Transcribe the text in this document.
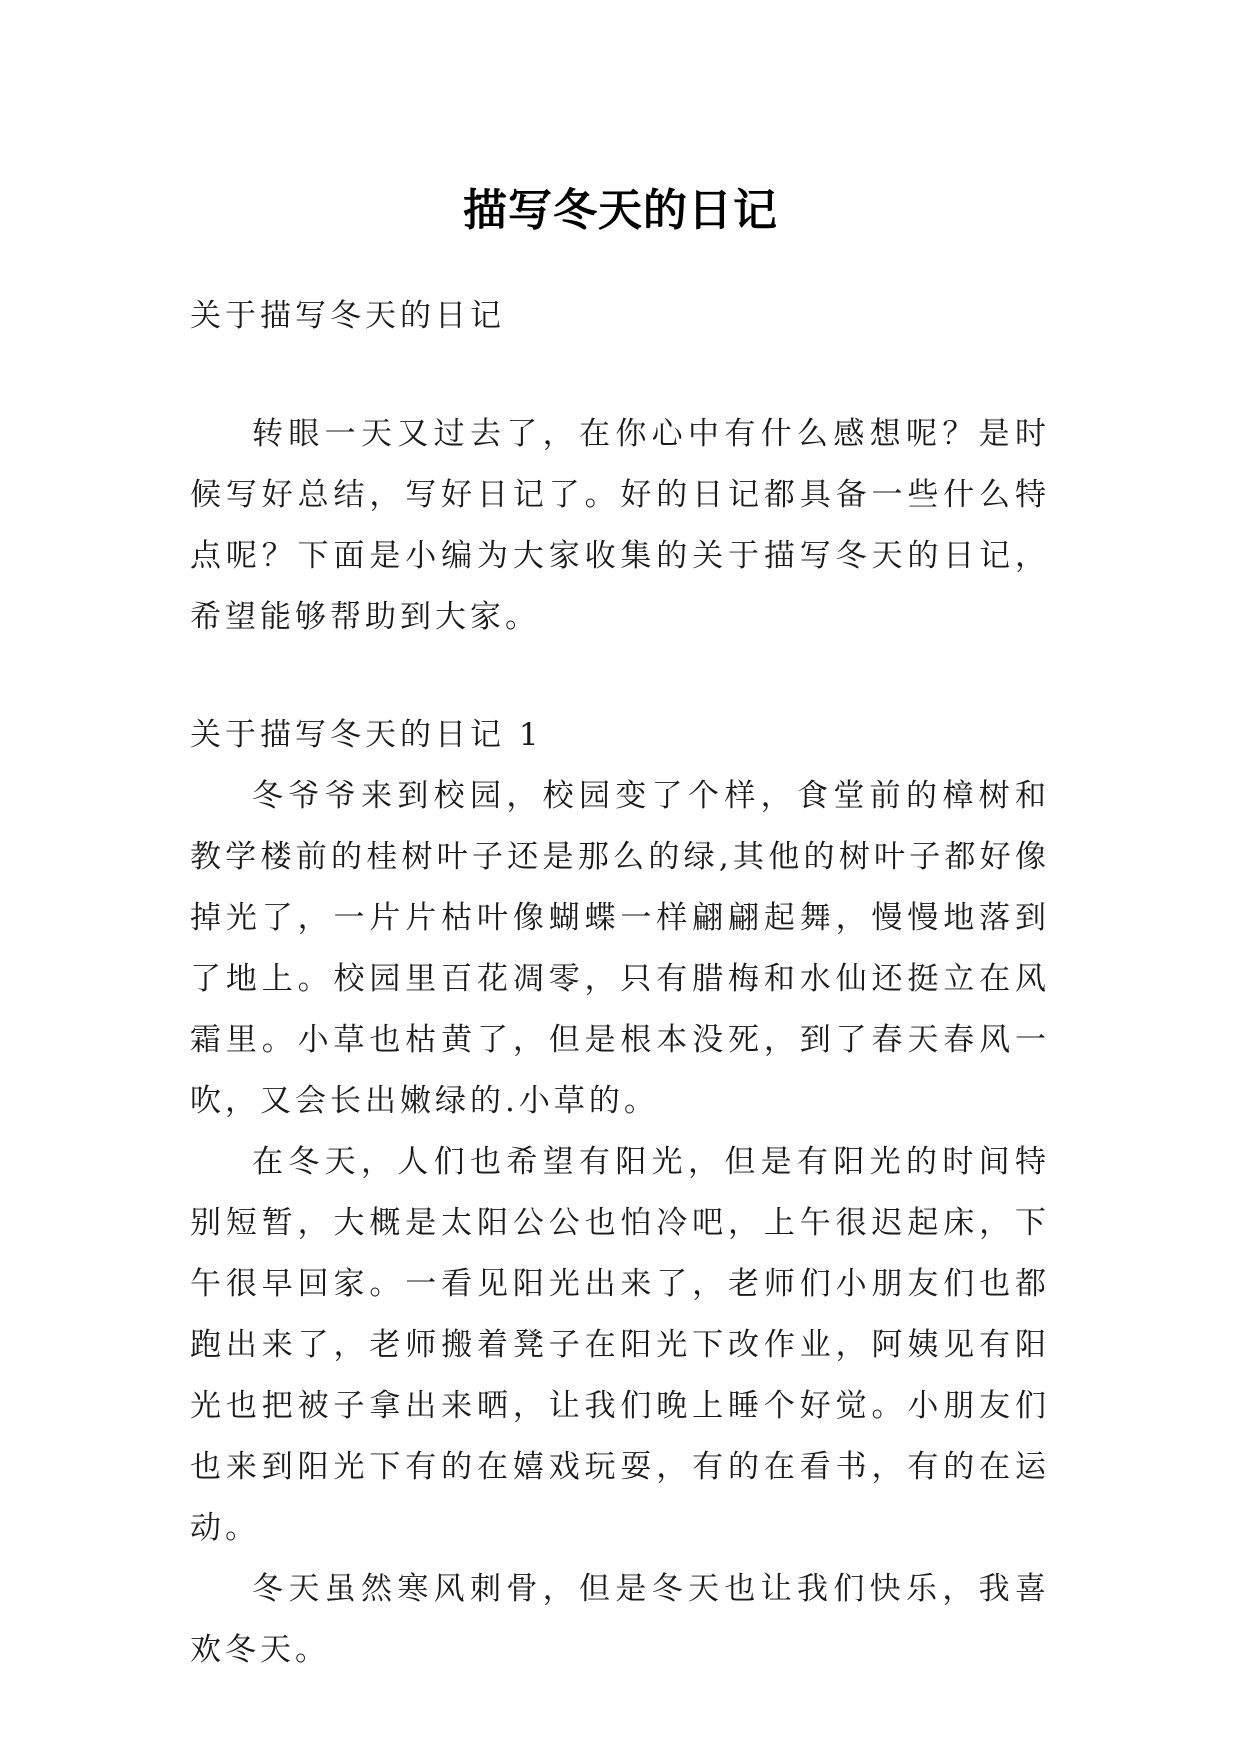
描写冬天的日记

关于描写冬天的日记

转眼一天又过去了，在你心中有什么感想呢？是时候写好总结，写好日记了。好的日记都具备一些什么特点呢？下面是小编为大家收集的关于描写冬天的日记，希望能够帮助到大家。

关于描写冬天的日记 1

冬爷爷来到校园，校园变了个样，食堂前的樟树和教学楼前的桂树叶子还是那么的绿,其他的树叶子都好像掉光了，一片片枯叶像蝴蝶一样翩翩起舞，慢慢地落到了地上。校园里百花凋零，只有腊梅和水仙还挺立在风霜里。小草也枯黄了，但是根本没死，到了春天春风一吹，又会长出嫩绿的.小草的。

在冬天，人们也希望有阳光，但是有阳光的时间特别短暂，大概是太阳公公也怕冷吧，上午很迟起床，下午很早回家。一看见阳光出来了，老师们小朋友们也都跑出来了，老师搬着凳子在阳光下改作业，阿姨见有阳光也把被子拿出来晒，让我们晚上睡个好觉。小朋友们也来到阳光下有的在嬉戏玩耍，有的在看书，有的在运动。

冬天虽然寒风刺骨，但是冬天也让我们快乐，我喜欢冬天。
